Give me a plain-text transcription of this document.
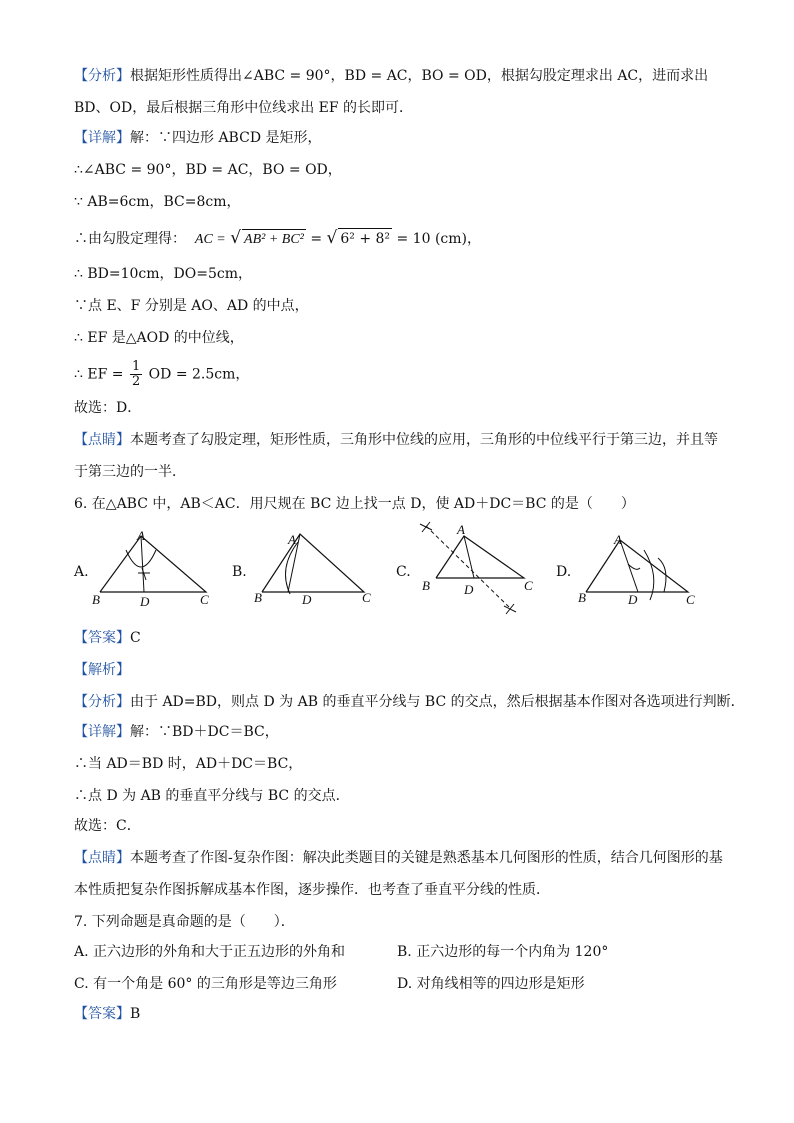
【分析】根据矩形性质得出∠ABC = 90°，BD = AC，BO = OD，根据勾股定理求出 AC，进而求出
BD、OD，最后根据三角形中位线求出 EF 的长即可．
【详解】解：∵四边形 ABCD 是矩形，
∴∠ABC = 90°，BD = AC，BO = OD，
∵ AB=6cm，BC=8cm，
∴由勾股定理得： AC = √ AB² + BC² = √ 6² + 8² = 10 (cm)，
∴ BD=10cm，DO=5cm，
∵点 E、F 分别是 AO、AD 的中点，
∴ EF 是△AOD 的中位线，
∴ EF = $\frac{1}{2}$ OD = 2.5cm，
故选：D．
【点睛】本题考查了勾股定理，矩形性质，三角形中位线的应用，三角形的中位线平行于第三边，并且等
于第三边的一半．
6. 在△ABC 中，AB＜AC．用尺规在 BC 边上找一点 D，使 AD＋DC＝BC 的是（　　）
A.
A
B	D	C
B.
A
B	D	C
C.
A
B	D	C
D.
A
B	D	C
【答案】C
【解析】
【分析】由于 AD=BD，则点 D 为 AB 的垂直平分线与 BC 的交点，然后根据基本作图对各选项进行判断．
【详解】解：∵BD＋DC＝BC，
∴当 AD＝BD 时，AD＋DC＝BC，
∴点 D 为 AB 的垂直平分线与 BC 的交点．
故选：C．
【点睛】本题考查了作图-复杂作图：解决此类题目的关键是熟悉基本几何图形的性质，结合几何图形的基
本性质把复杂作图拆解成基本作图，逐步操作．也考查了垂直平分线的性质．
7. 下列命题是真命题的是（　　）．
A. 正六边形的外角和大于正五边形的外角和	B. 正六边形的每一个内角为 120°
C. 有一个角是 60° 的三角形是等边三角形	D. 对角线相等的四边形是矩形
【答案】B
